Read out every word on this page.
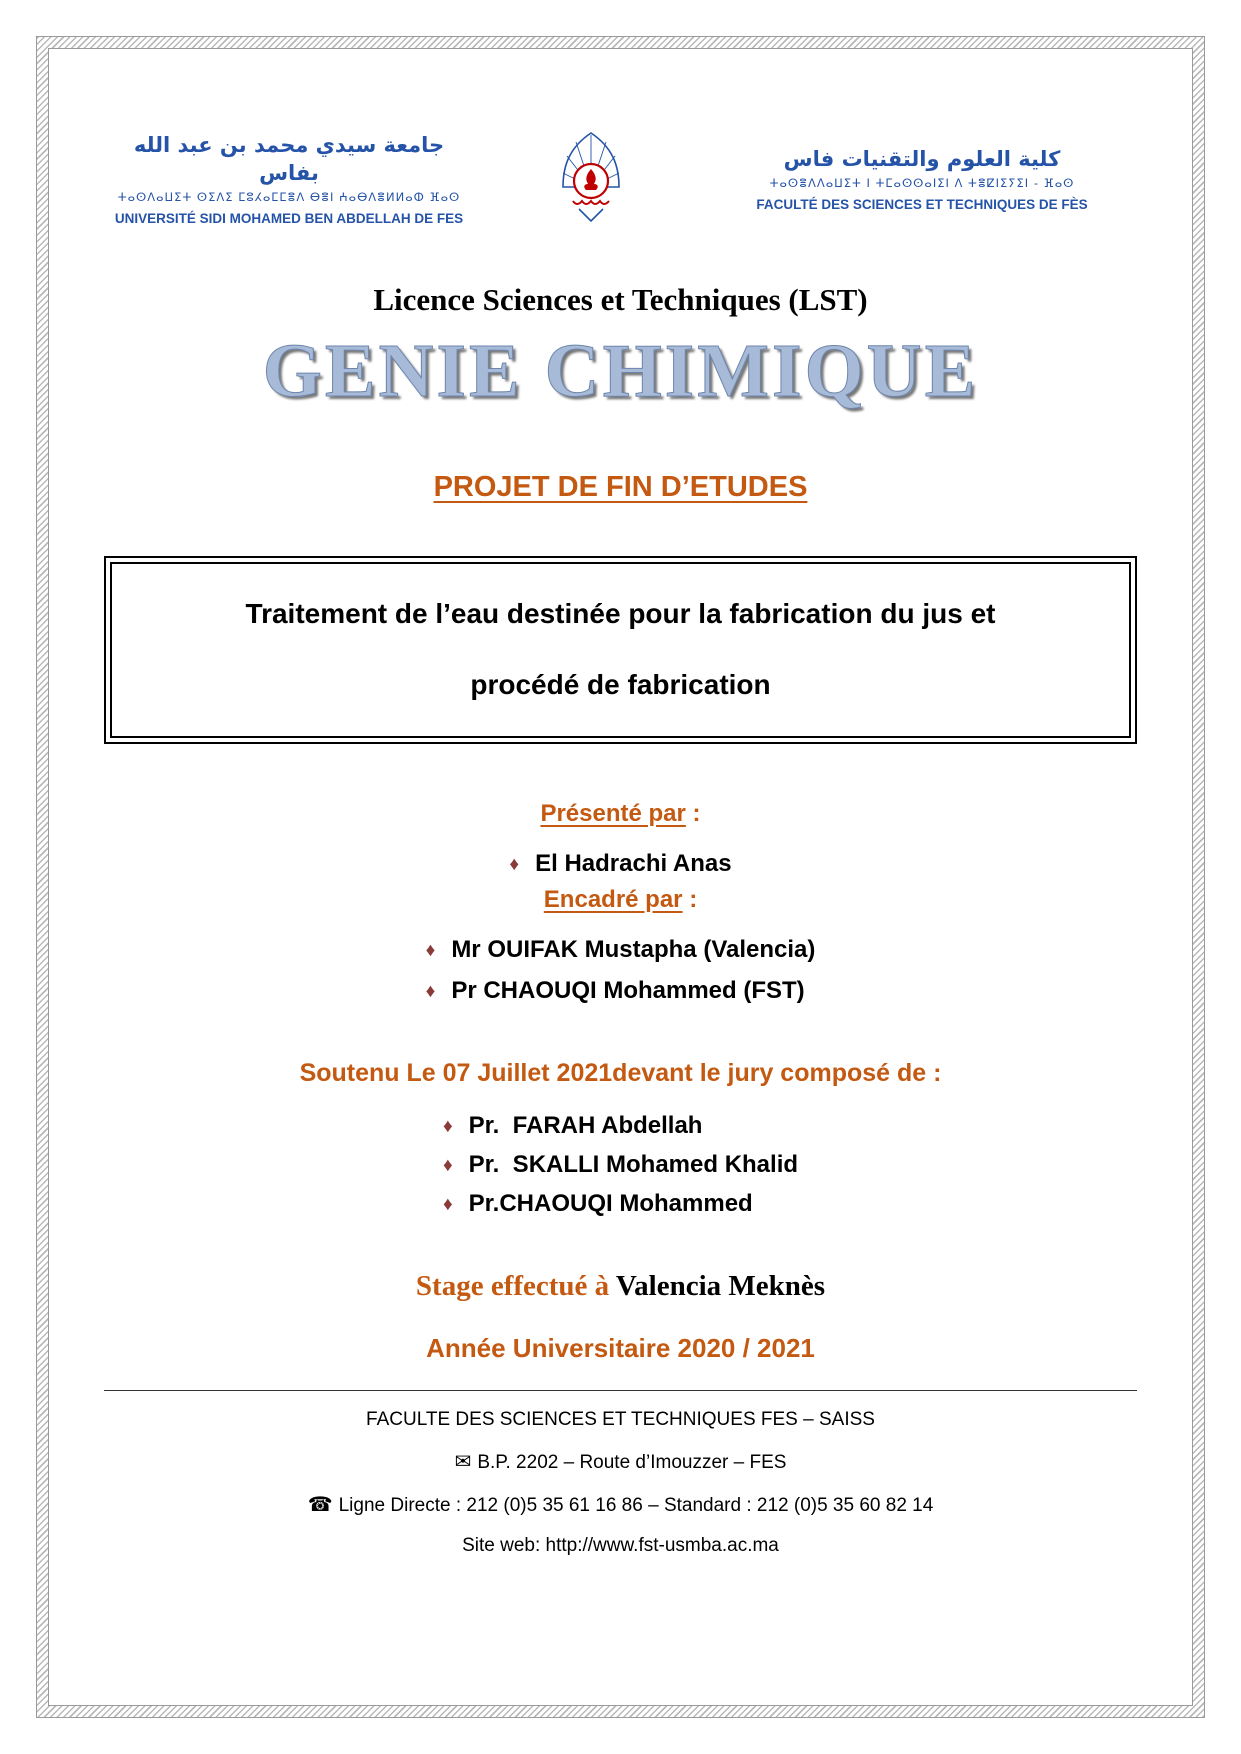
جامعة سيدي محمد بن عبد الله بفاس
ⵜⴰⵙⴷⴰⵡⵉⵜ ⵙⵉⴷⵉ ⵎⵓⵃⴰⵎⵎⴻⴷ ⴱⴻⵏ ⵄⴰⴱⴷⴻⵍⵍⴰⵀ ⴼⴰⵙ
UNIVERSITÉ SIDI MOHAMED BEN ABDELLAH DE FES
كلية العلوم والتقنيات فاس
ⵜⴰⵙⴻⴷⴷⴰⵡⵉⵜ ⵏ ⵜⵎⴰⵙⵙⴰⵏⵉⵏ ⴷ ⵜⴻⵇⵏⵉⵢⵉⵏ - ⴼⴰⵙ
FACULTÉ DES SCIENCES ET TECHNIQUES DE FÈS
Licence Sciences et Techniques (LST)
GENIE CHIMIQUE
PROJET DE FIN D’ETUDES
Traitement de l’eau destinée pour la fabrication du jus et
procédé de fabrication
Présenté par :
♦ El Hadrachi Anas
Encadré par :
♦ Mr OUIFAK Mustapha (Valencia)
♦ Pr CHAOUQI Mohammed (FST)
Soutenu Le 07 Juillet 2021devant le jury composé de :
♦ Pr.  FARAH Abdellah
♦ Pr.  SKALLI Mohamed Khalid
♦ Pr.CHAOUQI Mohammed
Stage effectué à Valencia Meknès
Année Universitaire 2020 / 2021
FACULTE DES SCIENCES ET TECHNIQUES FES – SAISS
✉ B.P. 2202 – Route d’Imouzzer – FES
☎ Ligne Directe : 212 (0)5 35 61 16 86 – Standard : 212 (0)5 35 60 82 14
Site web: http://www.fst-usmba.ac.ma
